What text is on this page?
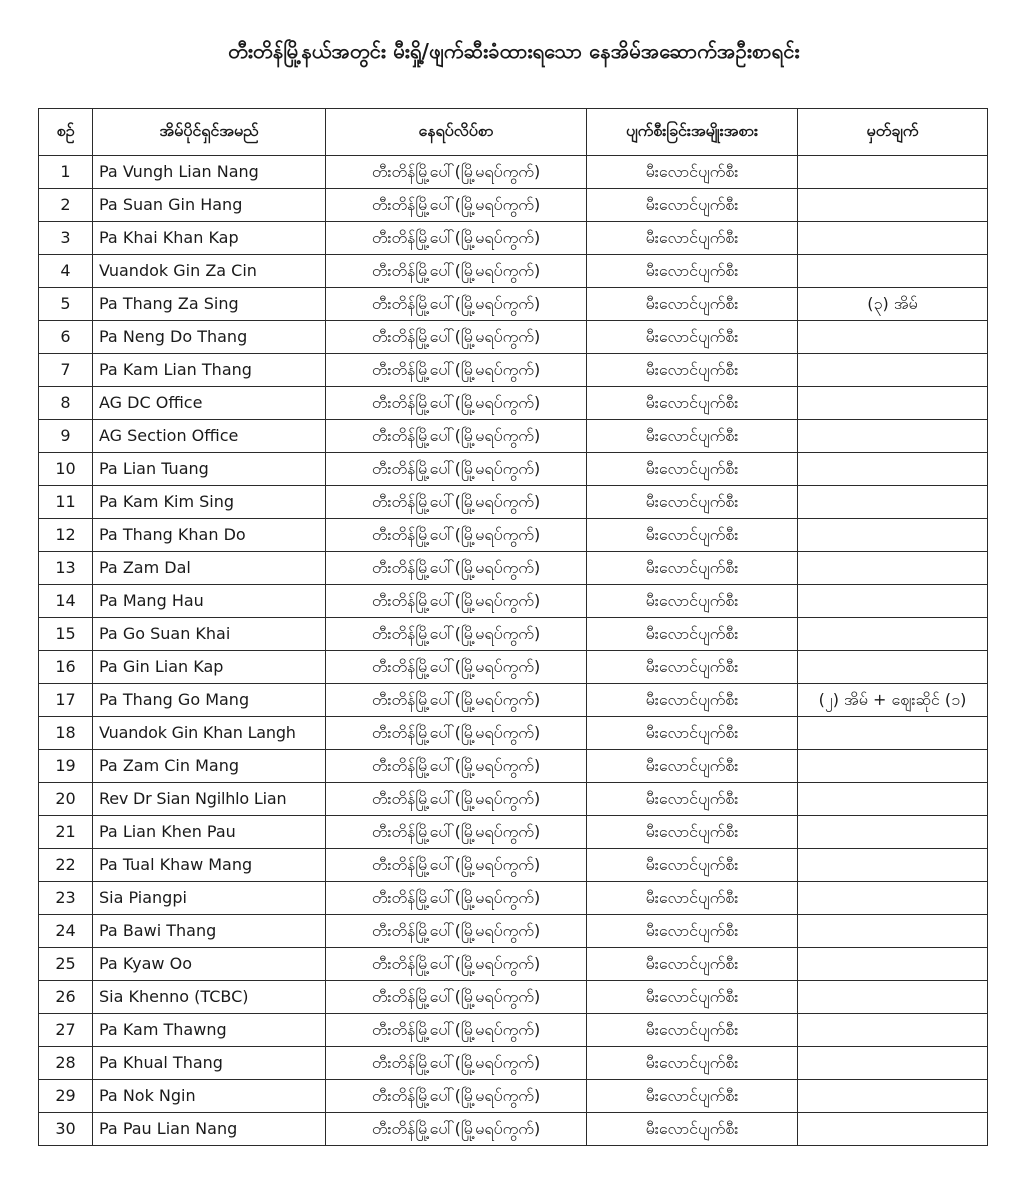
တီးတိန်မြို့နယ်အတွင်း မီးရှို့/ဖျက်ဆီးခံထားရသော နေအိမ်အဆောက်အဦးစာရင်း
စဉ်	အိမ်ပိုင်ရှင်အမည်	နေရပ်လိပ်စာ	ပျက်စီးခြင်းအမျိုးအစား	မှတ်ချက်
1	Pa Vungh Lian Nang	တီးတိန်မြို့ပေါ်(မြို့မရပ်ကွက်)	မီးလောင်ပျက်စီး	
2	Pa Suan Gin Hang	တီးတိန်မြို့ပေါ်(မြို့မရပ်ကွက်)	မီးလောင်ပျက်စီး	
3	Pa Khai Khan Kap	တီးတိန်မြို့ပေါ်(မြို့မရပ်ကွက်)	မီးလောင်ပျက်စီး	
4	Vuandok Gin Za Cin	တီးတိန်မြို့ပေါ်(မြို့မရပ်ကွက်)	မီးလောင်ပျက်စီး	
5	Pa Thang Za Sing	တီးတိန်မြို့ပေါ်(မြို့မရပ်ကွက်)	မီးလောင်ပျက်စီး	(၃) အိမ်
6	Pa Neng Do Thang	တီးတိန်မြို့ပေါ်(မြို့မရပ်ကွက်)	မီးလောင်ပျက်စီး	
7	Pa Kam Lian Thang	တီးတိန်မြို့ပေါ်(မြို့မရပ်ကွက်)	မီးလောင်ပျက်စီး	
8	AG DC Office	တီးတိန်မြို့ပေါ်(မြို့မရပ်ကွက်)	မီးလောင်ပျက်စီး	
9	AG Section Office	တီးတိန်မြို့ပေါ်(မြို့မရပ်ကွက်)	မီးလောင်ပျက်စီး	
10	Pa Lian Tuang	တီးတိန်မြို့ပေါ်(မြို့မရပ်ကွက်)	မီးလောင်ပျက်စီး	
11	Pa Kam Kim Sing	တီးတိန်မြို့ပေါ်(မြို့မရပ်ကွက်)	မီးလောင်ပျက်စီး	
12	Pa Thang Khan Do	တီးတိန်မြို့ပေါ်(မြို့မရပ်ကွက်)	မီးလောင်ပျက်စီး	
13	Pa Zam Dal	တီးတိန်မြို့ပေါ်(မြို့မရပ်ကွက်)	မီးလောင်ပျက်စီး	
14	Pa Mang Hau	တီးတိန်မြို့ပေါ်(မြို့မရပ်ကွက်)	မီးလောင်ပျက်စီး	
15	Pa Go Suan Khai	တီးတိန်မြို့ပေါ်(မြို့မရပ်ကွက်)	မီးလောင်ပျက်စီး	
16	Pa Gin Lian Kap	တီးတိန်မြို့ပေါ်(မြို့မရပ်ကွက်)	မီးလောင်ပျက်စီး	
17	Pa Thang Go Mang	တီးတိန်မြို့ပေါ်(မြို့မရပ်ကွက်)	မီးလောင်ပျက်စီး	(၂) အိမ် + ဈေးဆိုင် (၁)
18	Vuandok Gin Khan Langh	တီးတိန်မြို့ပေါ်(မြို့မရပ်ကွက်)	မီးလောင်ပျက်စီး	
19	Pa Zam Cin Mang	တီးတိန်မြို့ပေါ်(မြို့မရပ်ကွက်)	မီးလောင်ပျက်စီး	
20	Rev Dr Sian Ngilhlo Lian	တီးတိန်မြို့ပေါ်(မြို့မရပ်ကွက်)	မီးလောင်ပျက်စီး	
21	Pa Lian Khen Pau	တီးတိန်မြို့ပေါ်(မြို့မရပ်ကွက်)	မီးလောင်ပျက်စီး	
22	Pa Tual Khaw Mang	တီးတိန်မြို့ပေါ်(မြို့မရပ်ကွက်)	မီးလောင်ပျက်စီး	
23	Sia Piangpi	တီးတိန်မြို့ပေါ်(မြို့မရပ်ကွက်)	မီးလောင်ပျက်စီး	
24	Pa Bawi Thang	တီးတိန်မြို့ပေါ်(မြို့မရပ်ကွက်)	မီးလောင်ပျက်စီး	
25	Pa Kyaw Oo	တီးတိန်မြို့ပေါ်(မြို့မရပ်ကွက်)	မီးလောင်ပျက်စီး	
26	Sia Khenno (TCBC)	တီးတိန်မြို့ပေါ်(မြို့မရပ်ကွက်)	မီးလောင်ပျက်စီး	
27	Pa Kam Thawng	တီးတိန်မြို့ပေါ်(မြို့မရပ်ကွက်)	မီးလောင်ပျက်စီး	
28	Pa Khual Thang	တီးတိန်မြို့ပေါ်(မြို့မရပ်ကွက်)	မီးလောင်ပျက်စီး	
29	Pa Nok Ngin	တီးတိန်မြို့ပေါ်(မြို့မရပ်ကွက်)	မီးလောင်ပျက်စီး	
30	Pa Pau Lian Nang	တီးတိန်မြို့ပေါ်(မြို့မရပ်ကွက်)	မီးလောင်ပျက်စီး	
